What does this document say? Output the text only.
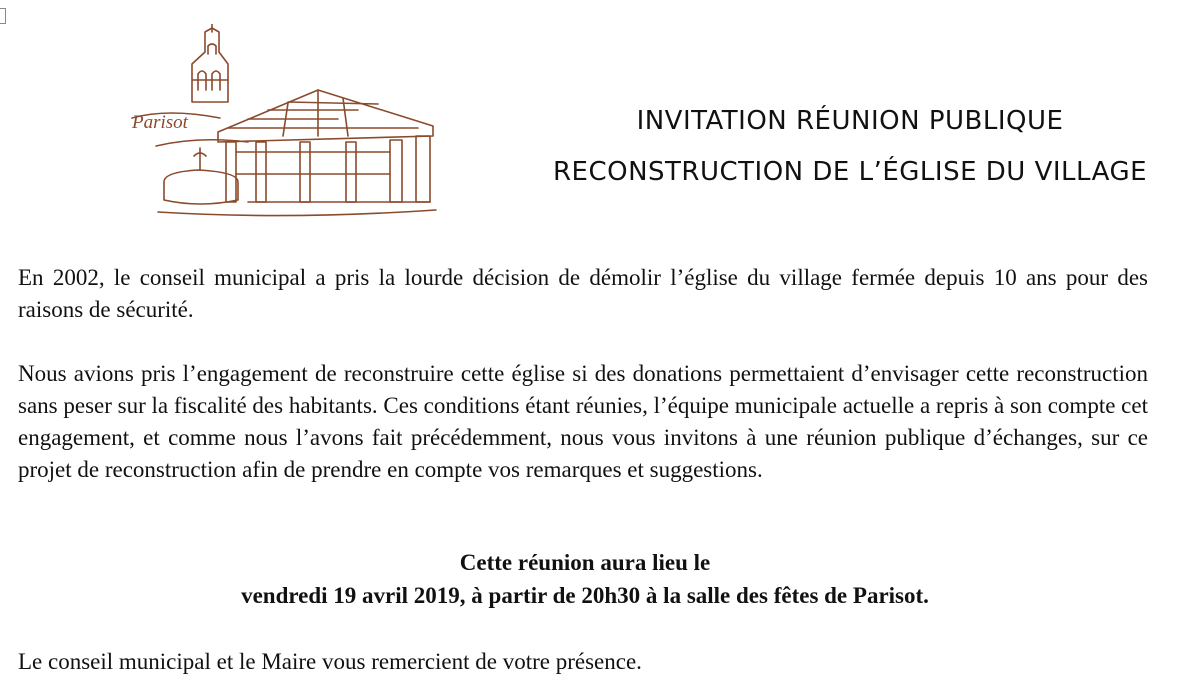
Parisot	INVITATION RÉUNION PUBLIQUE
RECONSTRUCTION DE L’ÉGLISE DU VILLAGE
En 2002, le conseil municipal a pris la lourde décision de démolir l’église du village fermée depuis 10 ans pour des raisons de sécurité.
Nous avions pris l’engagement de reconstruire cette église si des donations permettaient d’envisager cette reconstruction sans peser sur la fiscalité des habitants. Ces conditions étant réunies, l’équipe municipale actuelle a repris à son compte cet engagement, et comme nous l’avons fait précédemment, nous vous invitons à une réunion publique d’échanges, sur ce projet de reconstruction afin de prendre en compte vos remarques et suggestions.
Cette réunion aura lieu le
vendredi 19 avril 2019, à partir de 20h30 à la salle des fêtes de Parisot.
Le conseil municipal et le Maire vous remercient de votre présence.
